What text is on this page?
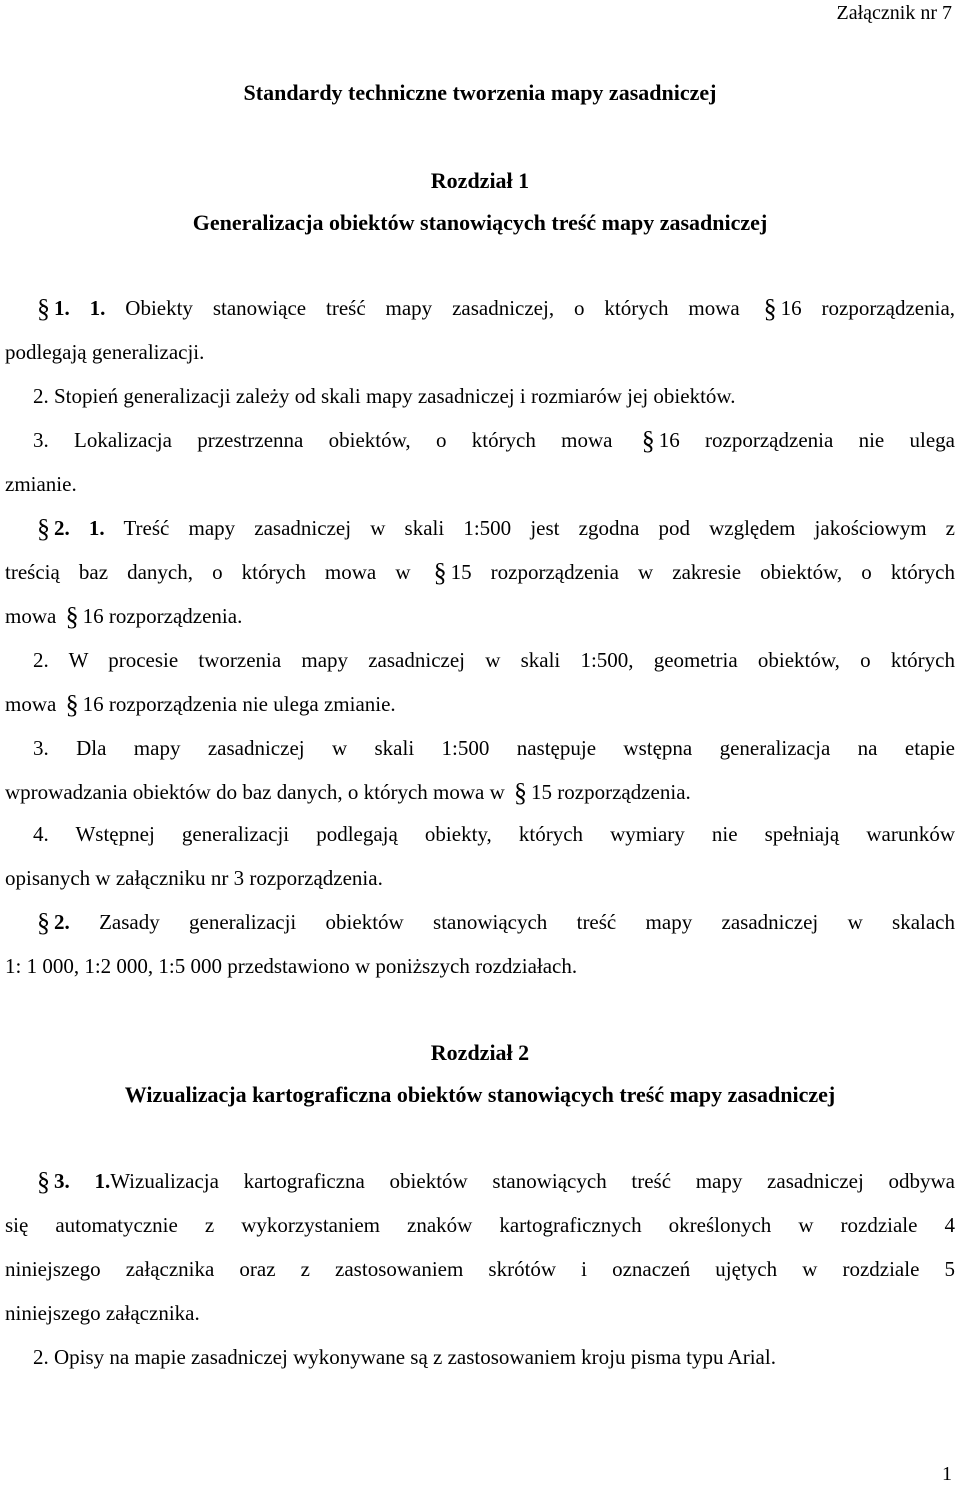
Załącznik nr 7
Standardy techniczne tworzenia mapy zasadniczej
Rozdział 1
Generalizacja obiektów stanowiących treść mapy zasadniczej
§ 1. 1. Obiekty stanowiące treść mapy zasadniczej, o których mowa § 16 rozporządzenia,
podlegają generalizacji.
2. Stopień generalizacji zależy od skali mapy zasadniczej i rozmiarów jej obiektów.
3. Lokalizacja przestrzenna obiektów, o których mowa § 16 rozporządzenia nie ulega
zmianie.
§ 2. 1. Treść mapy zasadniczej w skali 1:500 jest zgodna pod względem jakościowym z
treścią baz danych, o których mowa w § 15 rozporządzenia w zakresie obiektów, o których
mowa § 16 rozporządzenia.
2. W procesie tworzenia mapy zasadniczej w skali 1:500, geometria obiektów, o których
mowa § 16 rozporządzenia nie ulega zmianie.
3. Dla mapy zasadniczej w skali 1:500 następuje wstępna generalizacja na etapie
wprowadzania obiektów do baz danych, o których mowa w § 15 rozporządzenia.
4. Wstępnej generalizacji podlegają obiekty, których wymiary nie spełniają warunków
opisanych w załączniku nr 3 rozporządzenia.
§ 2. Zasady generalizacji obiektów stanowiących treść mapy zasadniczej w skalach
1: 1 000, 1:2 000, 1:5 000 przedstawiono w poniższych rozdziałach.
Rozdział 2
Wizualizacja kartograficzna obiektów stanowiących treść mapy zasadniczej
§ 3. 1.Wizualizacja kartograficzna obiektów stanowiących treść mapy zasadniczej odbywa
się automatycznie z wykorzystaniem znaków kartograficznych określonych w rozdziale 4
niniejszego załącznika oraz z zastosowaniem skrótów i oznaczeń ujętych w rozdziale 5
niniejszego załącznika.
2. Opisy na mapie zasadniczej wykonywane są z zastosowaniem kroju pisma typu Arial.
1
